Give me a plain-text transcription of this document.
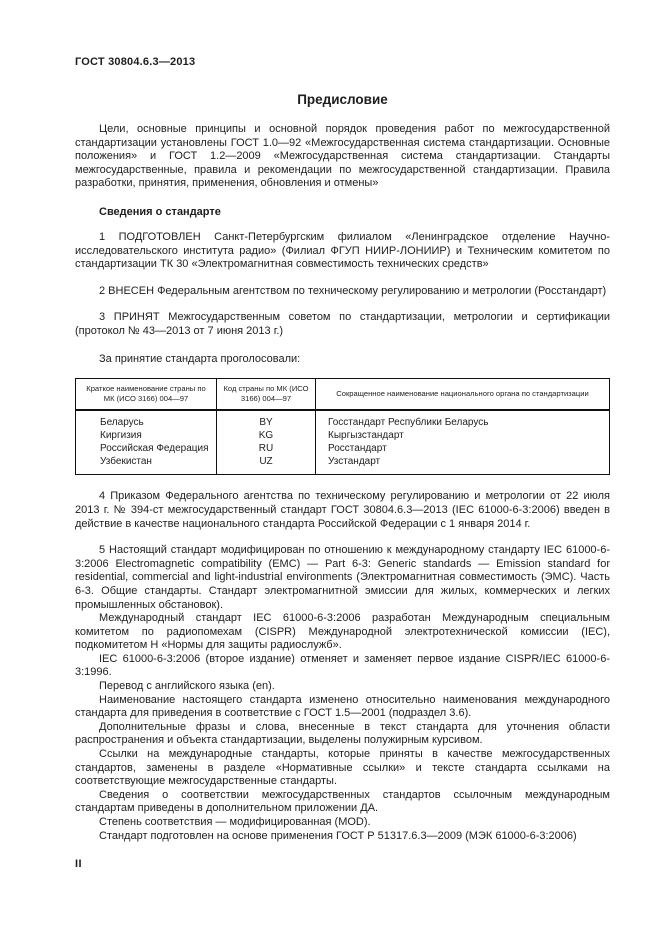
ГОСТ 30804.6.3—2013
Предисловие

Цели, основные принципы и основной порядок проведения работ по межгосударственной стандартизации установлены ГОСТ 1.0—92 «Межгосударственная система стандартизации. Основные положения» и ГОСТ 1.2—2009 «Межгосударственная система стандартизации. Стандарты межгосударственные, правила и рекомендации по межгосударственной стандартизации. Правила разработки, принятия, применения, обновления и отмены»

Сведения о стандарте

1 ПОДГОТОВЛЕН Санкт-Петербургским филиалом «Ленинградское отделение Научно-исследовательского института радио» (Филиал ФГУП НИИР-ЛОНИИР) и Техническим комитетом по стандартизации ТК 30 «Электромагнитная совместимость технических средств»

2 ВНЕСЕН Федеральным агентством по техническому регулированию и метрологии (Росстандарт)

3 ПРИНЯТ Межгосударственным советом по стандартизации, метрологии и сертификации (протокол № 43—2013 от 7 июня 2013 г.)

За принятие стандарта проголосовали:

Краткое наименование страны по МК (ИСО 3166) 004—97	Код страны по МК (ИСО 3166) 004—97	Сокращенное наименование национального органа по стандартизации
Беларусь	BY	Госстандарт Республики Беларусь
Киргизия	KG	Кыргызстандарт
Российская Федерация	RU	Росстандарт
Узбекистан	UZ	Узстандарт

4 Приказом Федерального агентства по техническому регулированию и метрологии от 22 июля 2013 г. № 394-ст межгосударственный стандарт ГОСТ 30804.6.3—2013 (IEC 61000-6-3:2006) введен в действие в качестве национального стандарта Российской Федерации с 1 января 2014 г.

5 Настоящий стандарт модифицирован по отношению к международному стандарту IEC 61000-6-3:2006 Electromagnetic compatibility (EMC) — Part 6-3: Generic standards — Emission standard for residential, commercial and light-industrial environments (Электромагнитная совместимость (ЭМС). Часть 6-3. Общие стандарты. Стандарт электромагнитной эмиссии для жилых, коммерческих и легких промышленных обстановок).

Международный стандарт IEC 61000-6-3:2006 разработан Международным специальным комитетом по радиопомехам (CISPR) Международной электротехнической комиссии (IEC), подкомитетом Н «Нормы для защиты радиослужб».

IEC 61000-6-3:2006 (второе издание) отменяет и заменяет первое издание CISPR/IEC 61000-6-3:1996.

Перевод с английского языка (en).

Наименование настоящего стандарта изменено относительно наименования международного стандарта для приведения в соответствие с ГОСТ 1.5—2001 (подраздел 3.6).

Дополнительные фразы и слова, внесенные в текст стандарта для уточнения области распространения и объекта стандартизации, выделены полужирным курсивом.

Ссылки на международные стандарты, которые приняты в качестве межгосударственных стандартов, заменены в разделе «Нормативные ссылки» и тексте стандарта ссылками на соответствующие межгосударственные стандарты.

Сведения о соответствии межгосударственных стандартов ссылочным международным стандартам приведены в дополнительном приложении ДА.

Степень соответствия — модифицированная (MOD).

Стандарт подготовлен на основе применения ГОСТ Р 51317.6.3—2009 (МЭК 61000-6-3:2006)

II
